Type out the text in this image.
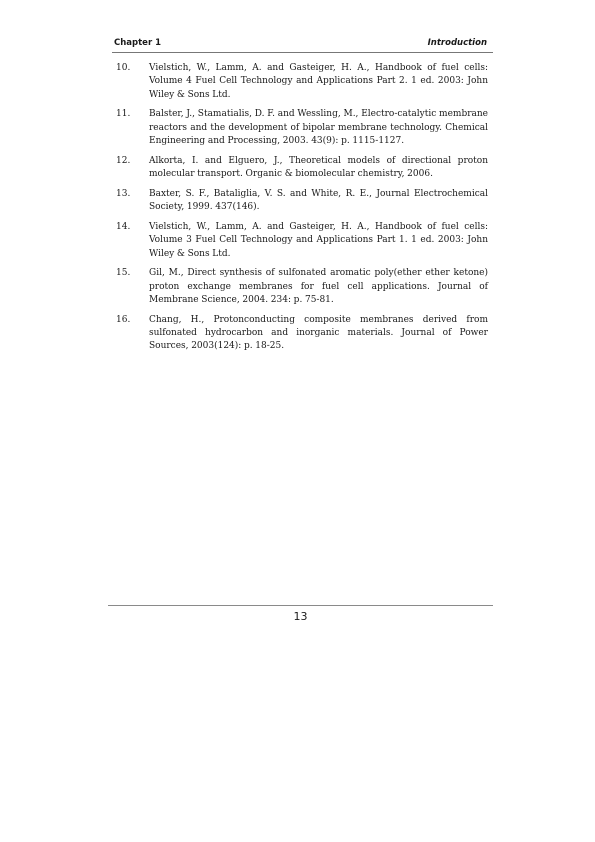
Chapter 1	Introduction
10.	Vielstich, W., Lamm, A. and Gasteiger, H. A., Handbook of fuel cells: Volume 4 Fuel Cell Technology and Applications Part 2. 1 ed. 2003: John Wiley & Sons Ltd.
11.	Balster, J., Stamatialis, D. F. and Wessling, M., Electro-catalytic membrane reactors and the development of bipolar membrane technology. Chemical Engineering and Processing, 2003. 43(9): p. 1115-1127.
12.	Alkorta, I. and Elguero, J., Theoretical models of directional proton molecular transport. Organic & biomolecular chemistry, 2006.
13.	Baxter, S. F., Bataliglia, V. S. and White, R. E., Journal Electrochemical Society, 1999. 437(146).
14.	Vielstich, W., Lamm, A. and Gasteiger, H. A., Handbook of fuel cells: Volume 3 Fuel Cell Technology and Applications Part 1. 1 ed. 2003: John Wiley & Sons Ltd.
15.	Gil, M., Direct synthesis of sulfonated aromatic poly(ether ether ketone) proton exchange membranes for fuel cell applications. Journal of Membrane Science, 2004. 234: p. 75-81.
16.	Chang, H., Protonconducting composite membranes derived from sulfonated hydrocarbon and inorganic materials. Journal of Power Sources, 2003(124): p. 18-25.
13
